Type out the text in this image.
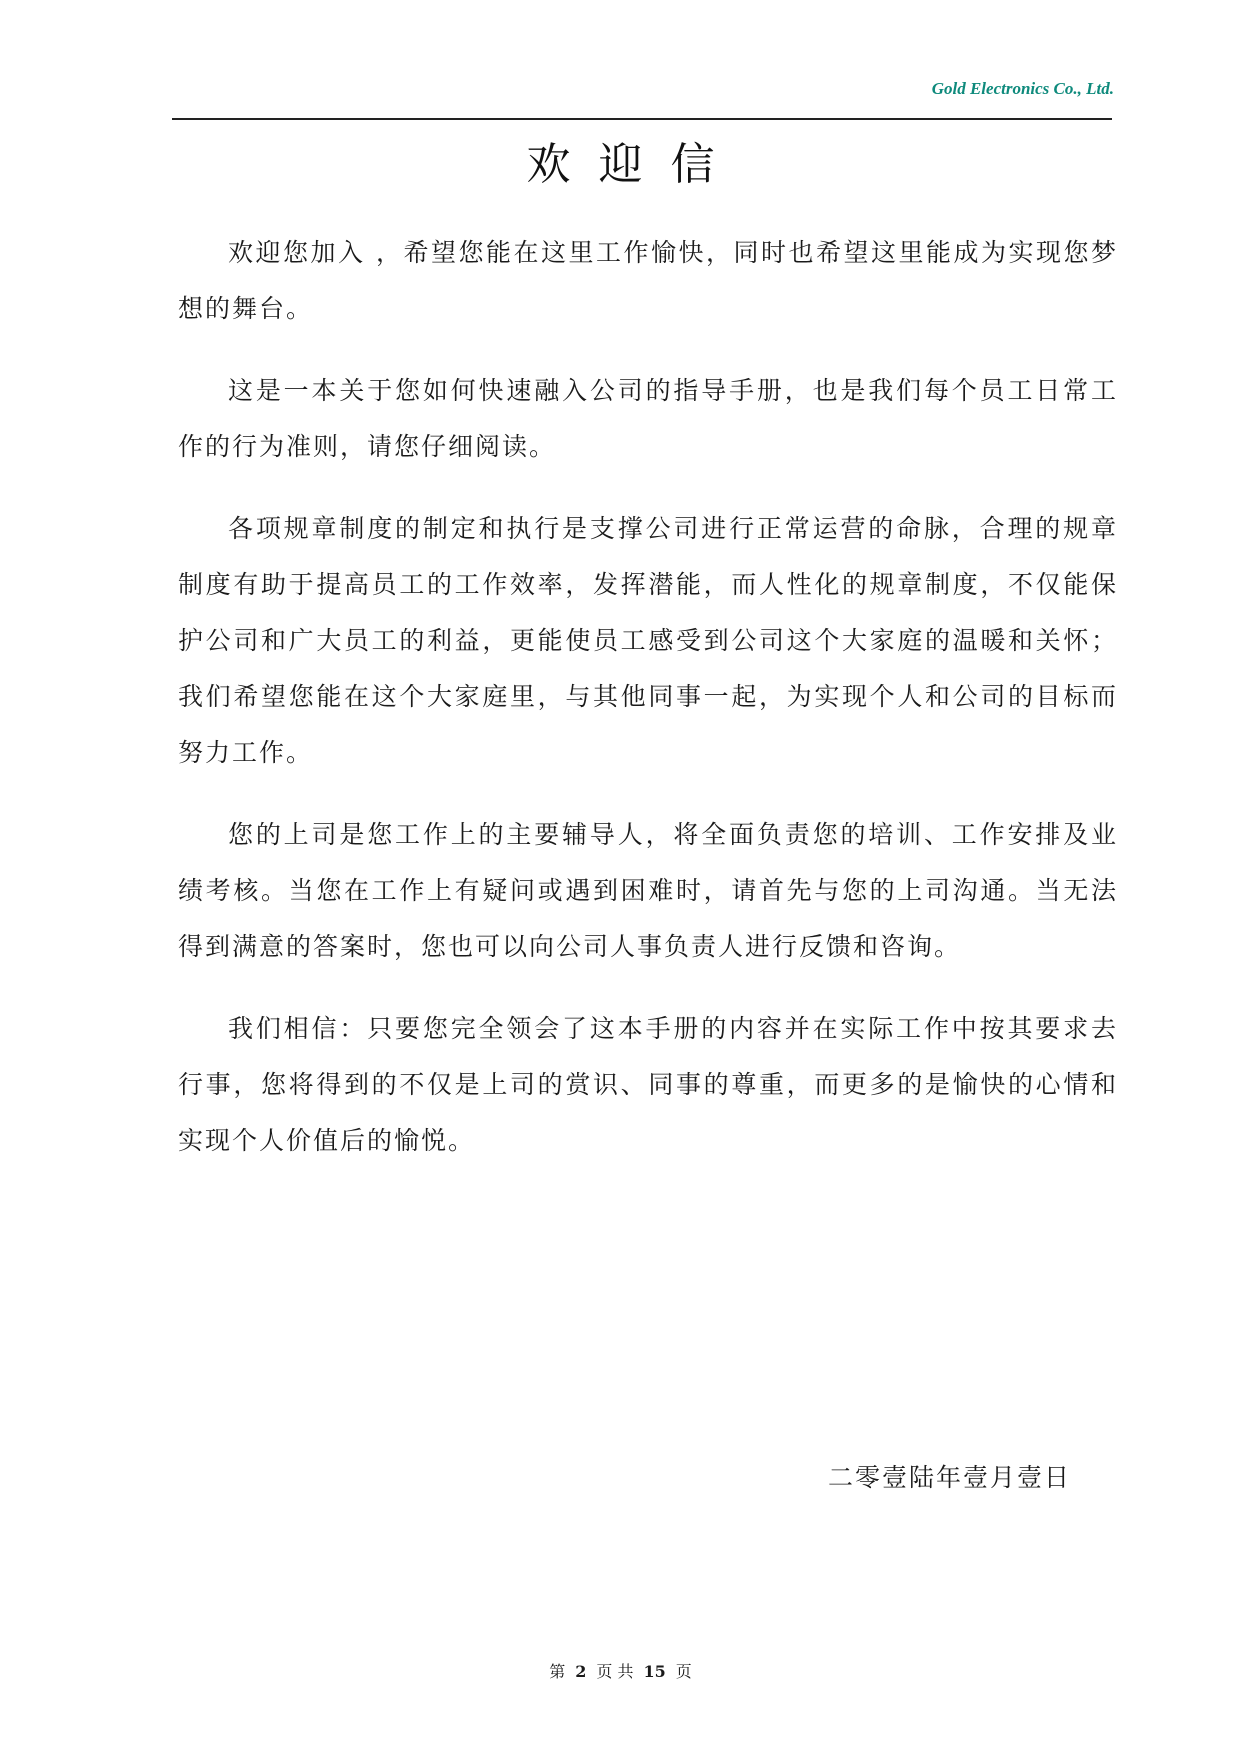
Gold Electronics Co., Ltd.
欢迎信

欢迎您加入 ，希望您能在这里工作愉快，同时也希望这里能成为实现您梦想的舞台。

这是一本关于您如何快速融入公司的指导手册，也是我们每个员工日常工作的行为准则，请您仔细阅读。

各项规章制度的制定和执行是支撑公司进行正常运营的命脉，合理的规章制度有助于提高员工的工作效率，发挥潜能，而人性化的规章制度，不仅能保护公司和广大员工的利益，更能使员工感受到公司这个大家庭的温暖和关怀；我们希望您能在这个大家庭里，与其他同事一起，为实现个人和公司的目标而努力工作。

您的上司是您工作上的主要辅导人，将全面负责您的培训、工作安排及业绩考核。当您在工作上有疑问或遇到困难时，请首先与您的上司沟通。当无法得到满意的答案时，您也可以向公司人事负责人进行反馈和咨询。

我们相信：只要您完全领会了这本手册的内容并在实际工作中按其要求去行事，您将得到的不仅是上司的赏识、同事的尊重，而更多的是愉快的心情和实现个人价值后的愉悦。

二零壹陆年壹月壹日
第 2 页 共 15 页
